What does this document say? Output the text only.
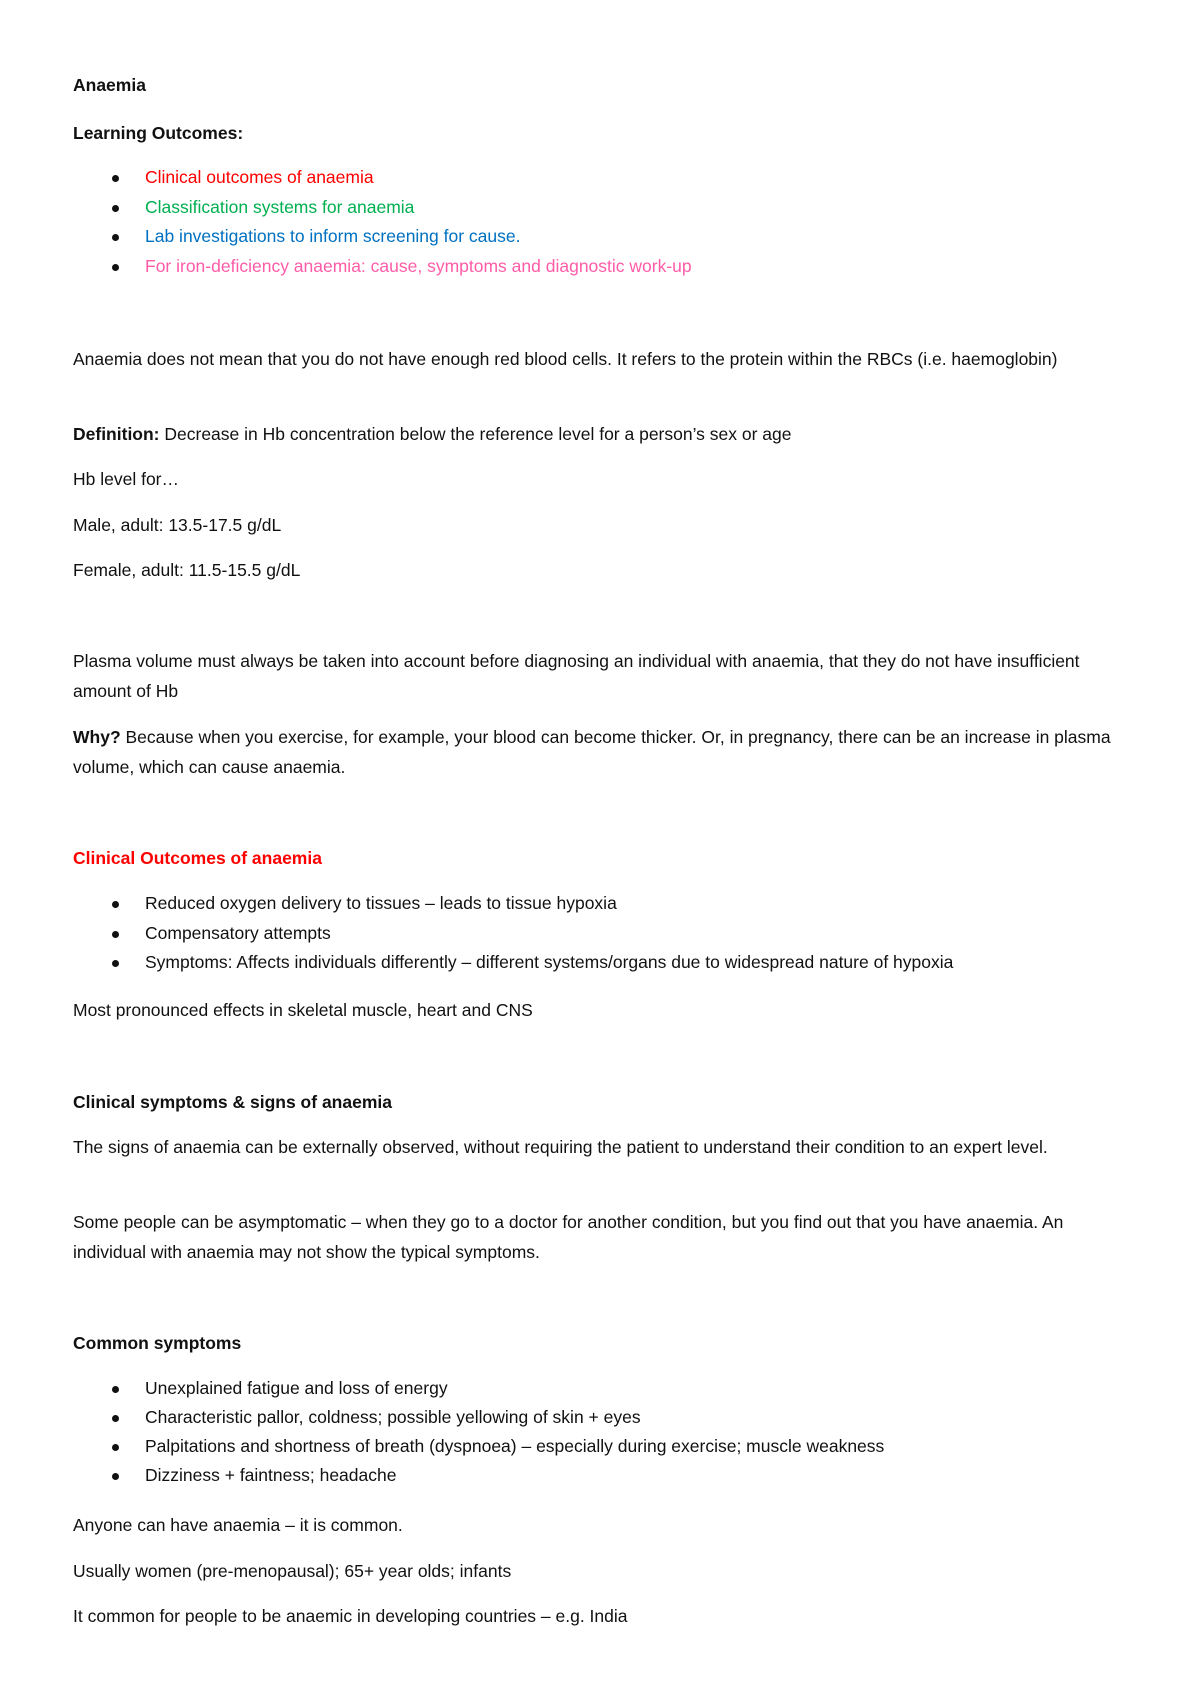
Anaemia

Learning Outcomes:

Clinical outcomes of anaemia
Classification systems for anaemia
Lab investigations to inform screening for cause.
For iron-deficiency anaemia: cause, symptoms and diagnostic work-up

Anaemia does not mean that you do not have enough red blood cells. It refers to the protein within the RBCs (i.e. haemoglobin)

Definition: Decrease in Hb concentration below the reference level for a person’s sex or age

Hb level for…

Male, adult: 13.5-17.5 g/dL

Female, adult: 11.5-15.5 g/dL

Plasma volume must always be taken into account before diagnosing an individual with anaemia, that they do not have insufficient amount of Hb

Why? Because when you exercise, for example, your blood can become thicker. Or, in pregnancy, there can be an increase in plasma volume, which can cause anaemia.

Clinical Outcomes of anaemia

Reduced oxygen delivery to tissues – leads to tissue hypoxia
Compensatory attempts
Symptoms: Affects individuals differently – different systems/organs due to widespread nature of hypoxia

Most pronounced effects in skeletal muscle, heart and CNS

Clinical symptoms & signs of anaemia

The signs of anaemia can be externally observed, without requiring the patient to understand their condition to an expert level.

Some people can be asymptomatic – when they go to a doctor for another condition, but you find out that you have anaemia. An individual with anaemia may not show the typical symptoms.

Common symptoms

Unexplained fatigue and loss of energy
Characteristic pallor, coldness; possible yellowing of skin + eyes
Palpitations and shortness of breath (dyspnoea) – especially during exercise; muscle weakness
Dizziness + faintness; headache

Anyone can have anaemia – it is common.

Usually women (pre-menopausal); 65+ year olds; infants

It common for people to be anaemic in developing countries – e.g. India
